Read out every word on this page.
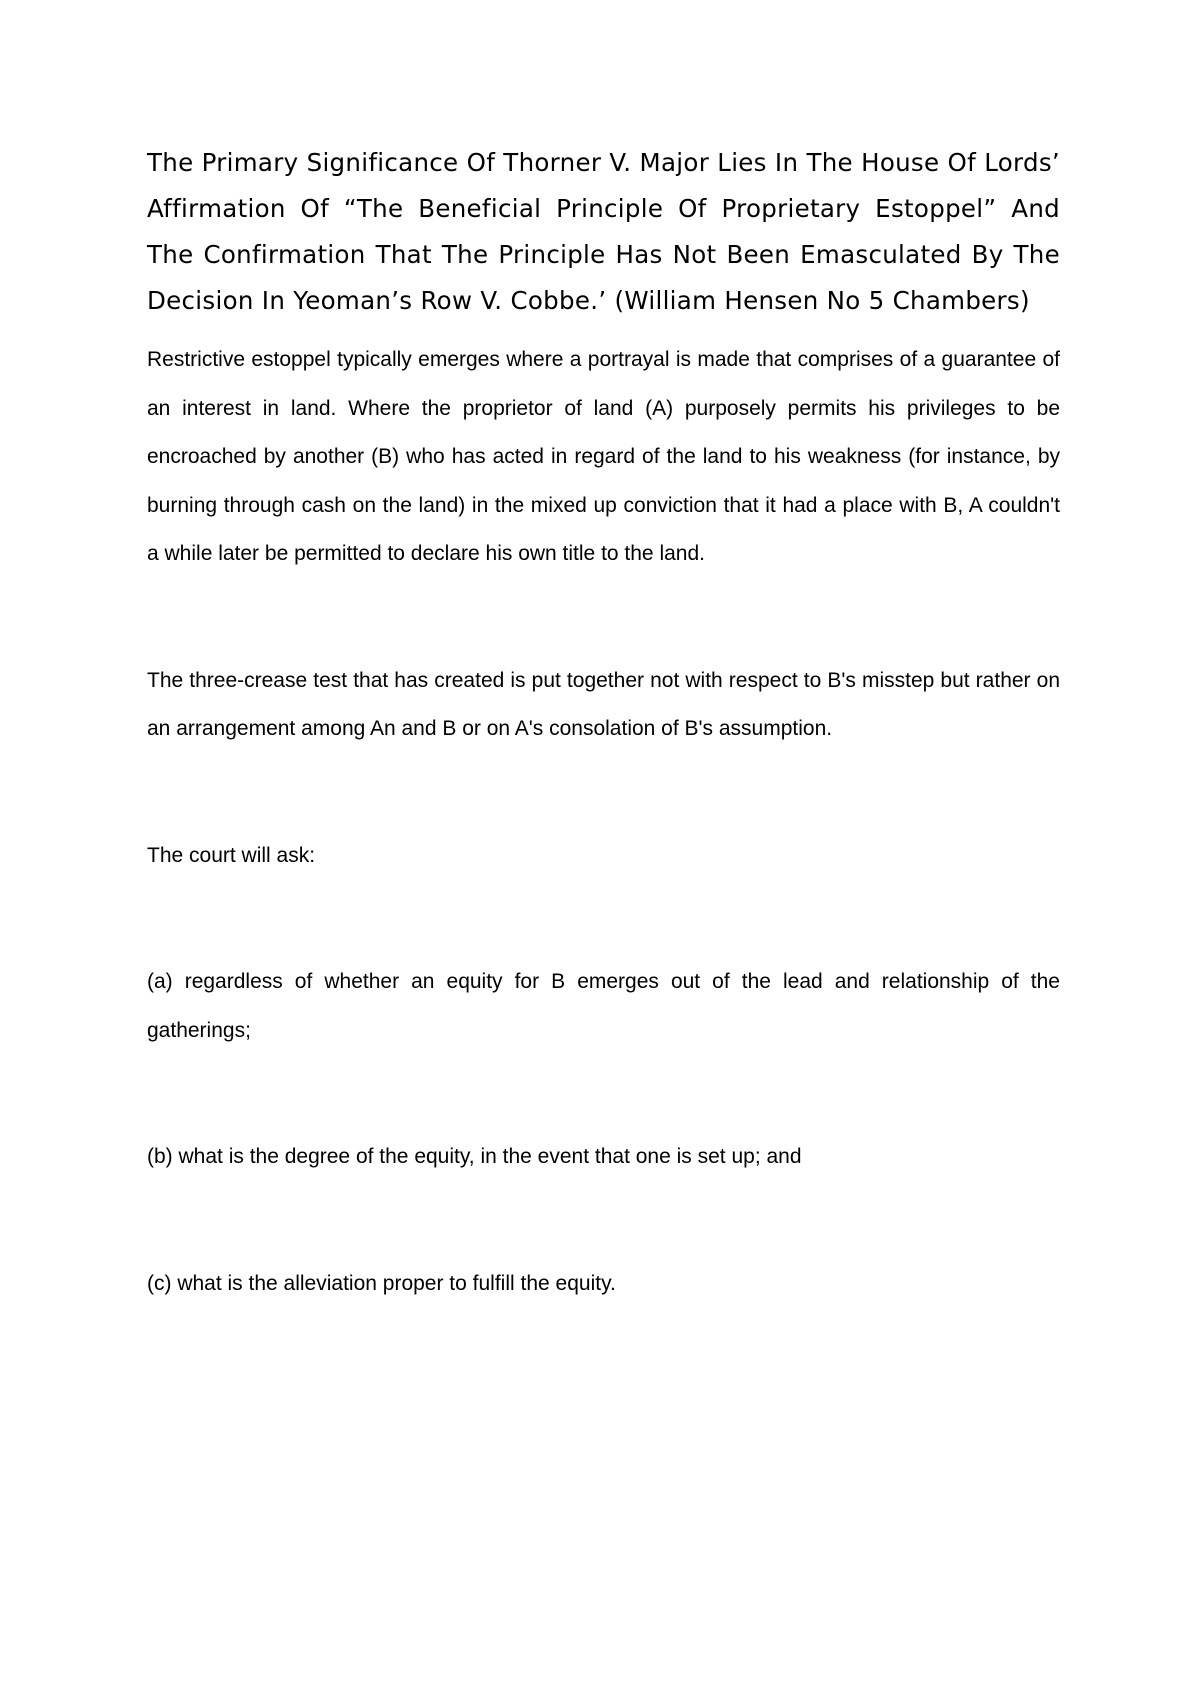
The Primary Significance Of Thorner V. Major Lies In The House Of Lords’ Affirmation Of “The Beneficial Principle Of Proprietary Estoppel” And The Confirmation That The Principle Has Not Been Emasculated By The Decision In Yeoman’s Row V. Cobbe.’ (William Hensen No 5 Chambers)

Restrictive estoppel typically emerges where a portrayal is made that comprises of a guarantee of an interest in land. Where the proprietor of land (A) purposely permits his privileges to be encroached by another (B) who has acted in regard of the land to his weakness (for instance, by burning through cash on the land) in the mixed up conviction that it had a place with B, A couldn't a while later be permitted to declare his own title to the land.

The three-crease test that has created is put together not with respect to B's misstep but rather on an arrangement among An and B or on A's consolation of B's assumption.

The court will ask:

(a) regardless of whether an equity for B emerges out of the lead and relationship of the gatherings;

(b) what is the degree of the equity, in the event that one is set up; and

(c) what is the alleviation proper to fulfill the equity.
